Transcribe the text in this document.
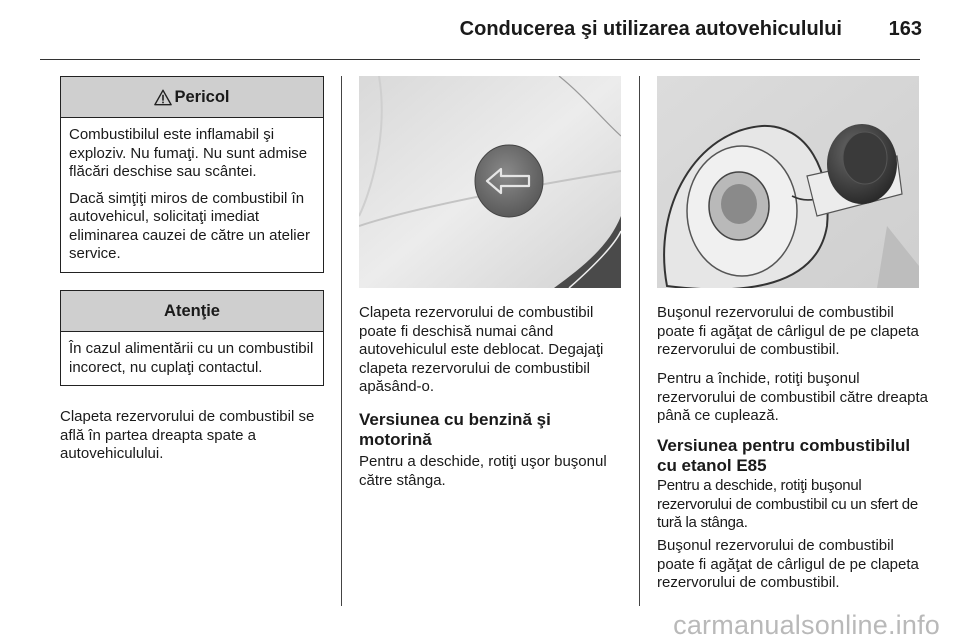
Conducerea şi utilizarea autovehiculului 163
Pericol

Combustibilul este inflamabil şi exploziv. Nu fumaţi. Nu sunt admise flăcări deschise sau scântei.

Dacă simţiţi miros de combustibil în autovehicul, solicitaţi imediat eliminarea cauzei de către un atelier service.

Atenţie

În cazul alimentării cu un combustibil incorect, nu cuplaţi contactul.

Clapeta rezervorului de combustibil se află în partea dreapta spate a autovehiculului.

Clapeta rezervorului de combustibil poate fi deschisă numai când autovehiculul este deblocat. Degajaţi clapeta rezervorului de combustibil apăsând-o.

Versiunea cu benzină şi motorină

Pentru a deschide, rotiţi uşor buşonul către stânga.

Buşonul rezervorului de combustibil poate fi agăţat de cârligul de pe clapeta rezervorului de combustibil.

Pentru a închide, rotiţi buşonul rezervorului de combustibil către dreapta până ce cuplează.

Versiunea pentru combustibilul cu etanol E85

Pentru a deschide, rotiţi buşonul rezervorului de combustibil cu un sfert de tură la stânga.

Buşonul rezervorului de combustibil poate fi agăţat de cârligul de pe clapeta rezervorului de combustibil.

carmanualsonline.info
